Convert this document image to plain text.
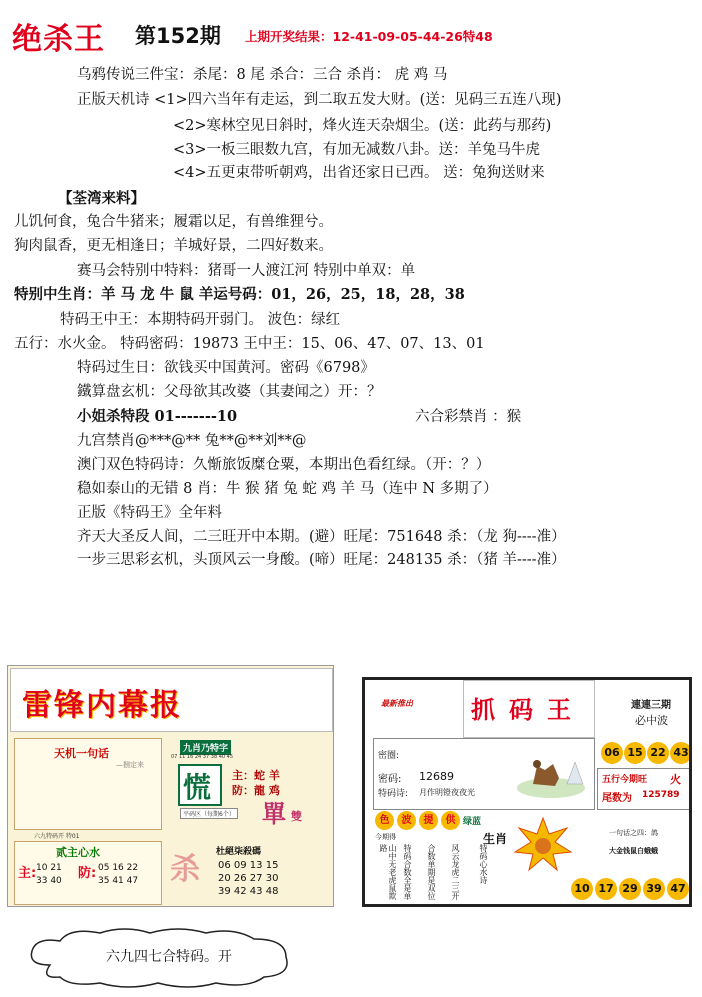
绝杀王 第152期 上期开奖结果：12-41-09-05-44-26特48
乌鸦传说三件宝：杀尾：8 尾 杀合：三合 杀肖： 虎 鸡 马
正版天机诗 <1>四六当年有走运，到二取五发大财。(送：见码三五连八现)
<2>寒林空见日斜时，烽火连天杂烟尘。(送：此药与那药)
<3>一板三眼数九宫，有加无减数八卦。送：羊兔马牛虎
<4>五更束带听朝鸡，出省还家日已西。 送：兔狗送财来
【荃湾来料】
儿饥何食，兔合牛猪来；履霜以足，有兽维狸兮。
狗肉鼠香，更无相逢日；羊城好景，二四好数来。
赛马会特别中特料：猪哥一人渡江河 特别中单双：单
特别中生肖：羊 马 龙 牛 鼠 羊运号码：01，26，25，18，28，38
特码王中王：本期特码开弱门。 波色：绿红
五行：水火金。 特码密码：19873 王中王：15、06、47、07、13、01
特码过生日：欲钱买中国黄河。密码《6798》
鐵算盘玄机：父母欲其改婆（其妻闻之）开：？
小姐杀特段 01-------10	六合彩禁肖 ：猴
九宫禁肖@***@** 兔**@**刘**@
澳门双色特码诗：久惭旅饭糜仓粟，本期出色看红绿。（开：？）
稳如泰山的无错 8 肖：牛 猴 猪 兔 蛇 鸡 羊 马（连中 N 多期了）
正版《特码王》全年料
齐天大圣反人间，二三旺开中本期。(避）旺尾：751648 杀：（龙 狗----准）
一步三思彩玄机，头顶风云一身酸。(啼）旺尾：248135 杀：（猪 羊----准）
雷锋内幕报
天机一句话
—捌定来
六九特码开 特01
贰主心水
主: 10 21
33 40 防: 05 16 22
35 41 47
九肖乃特字
07 11 16 24 37 38 40 45
慌 主：蛇 羊
防：龍 鸡
平码区（每期6个） 單 雙
杀 杜絕柒殺碼
06 09 13 15
20 26 27 30
39 42 43 48
最新推出 抓码王	連連三期
必中波
密圈:
密码: 12689
特码诗: 月作明镫夜夜光
06 15 22 43
五行今期旺 火
尾数为 125789
色	波	提	供 绿蓝
今期得	生肖
山中无老虎鼠欺路	特码合数全是单 合数单期是双位 风云龙虎二三开 特码心水诗
一句话之四：鸽
大金钱鼠白蛾蛾
10 17 29 39 47
六九四七合特码。开
